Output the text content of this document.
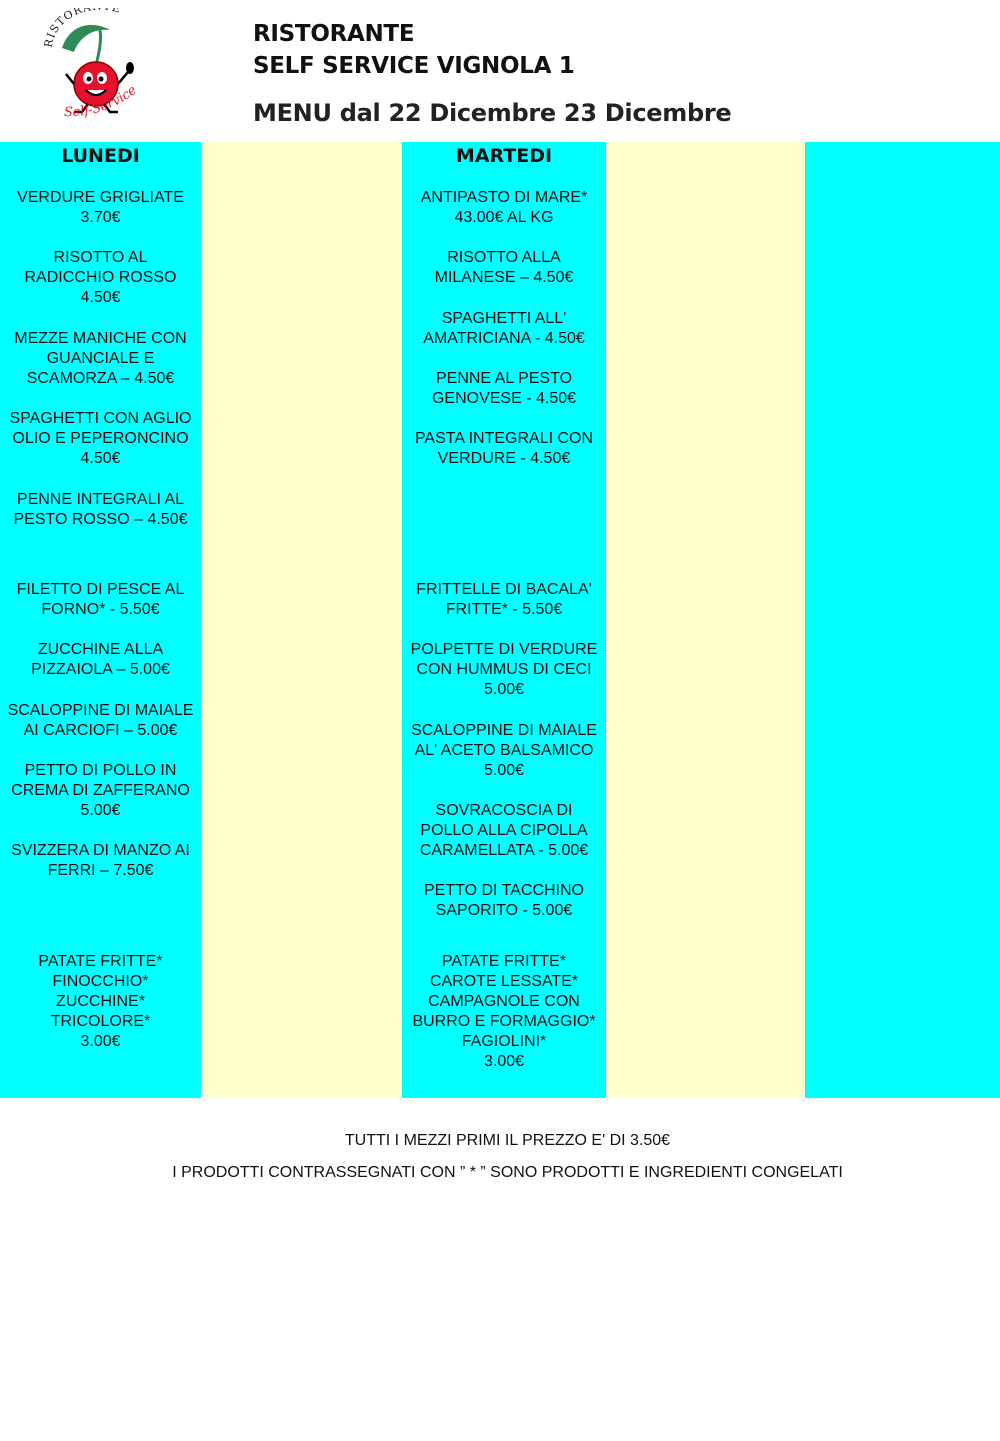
ISTOR E
Self-Service
RISTORANTE
SELF SERVICE VIGNOLA 1
MENU dal 22 Dicembre 23 Dicembre
LUNEDI
VERDURE GRIGLIATE
3.70€
RISOTTO AL
RADICCHIO ROSSO
4.50€
MEZZE MANICHE CON
GUANCIALE E
SCAMORZA – 4.50€
SPAGHETTI CON AGLIO
OLIO E PEPERONCINO
4.50€
PENNE INTEGRALI AL
PESTO ROSSO – 4.50€
FILETTO DI PESCE AL
FORNO* - 5.50€
ZUCCHINE ALLA
PIZZAIOLA – 5.00€
SCALOPPINE DI MAIALE
AI CARCIOFI – 5.00€
PETTO DI POLLO IN
CREMA DI ZAFFERANO
5.00€
SVIZZERA DI MANZO AI
FERRI – 7.50€
PATATE FRITTE*
FINOCCHIO*
ZUCCHINE*
TRICOLORE*
3.00€
MARTEDI
ANTIPASTO DI MARE*
43.00€ AL KG
RISOTTO ALLA
MILANESE – 4.50€
SPAGHETTI ALL'
AMATRICIANA - 4.50€
PENNE AL PESTO
GENOVESE - 4.50€
PASTA INTEGRALI CON
VERDURE - 4.50€
FRITTELLE DI BACALA'
FRITTE* - 5.50€
POLPETTE DI VERDURE
CON HUMMUS DI CECI
5.00€
SCALOPPINE DI MAIALE
AL' ACETO BALSAMICO
5.00€
SOVRACOSCIA DI
POLLO ALLA CIPOLLA
CARAMELLATA - 5.00€
PETTO DI TACCHINO
SAPORITO - 5.00€
PATATE FRITTE*
CAROTE LESSATE*
CAMPAGNOLE CON
BURRO E FORMAGGIO*
FAGIOLINI*
3.00€
TUTTI I MEZZI PRIMI IL PREZZO E' DI 3.50€
I PRODOTTI CONTRASSEGNATI CON ” * ” SONO PRODOTTI E INGREDIENTI CONGELATI
